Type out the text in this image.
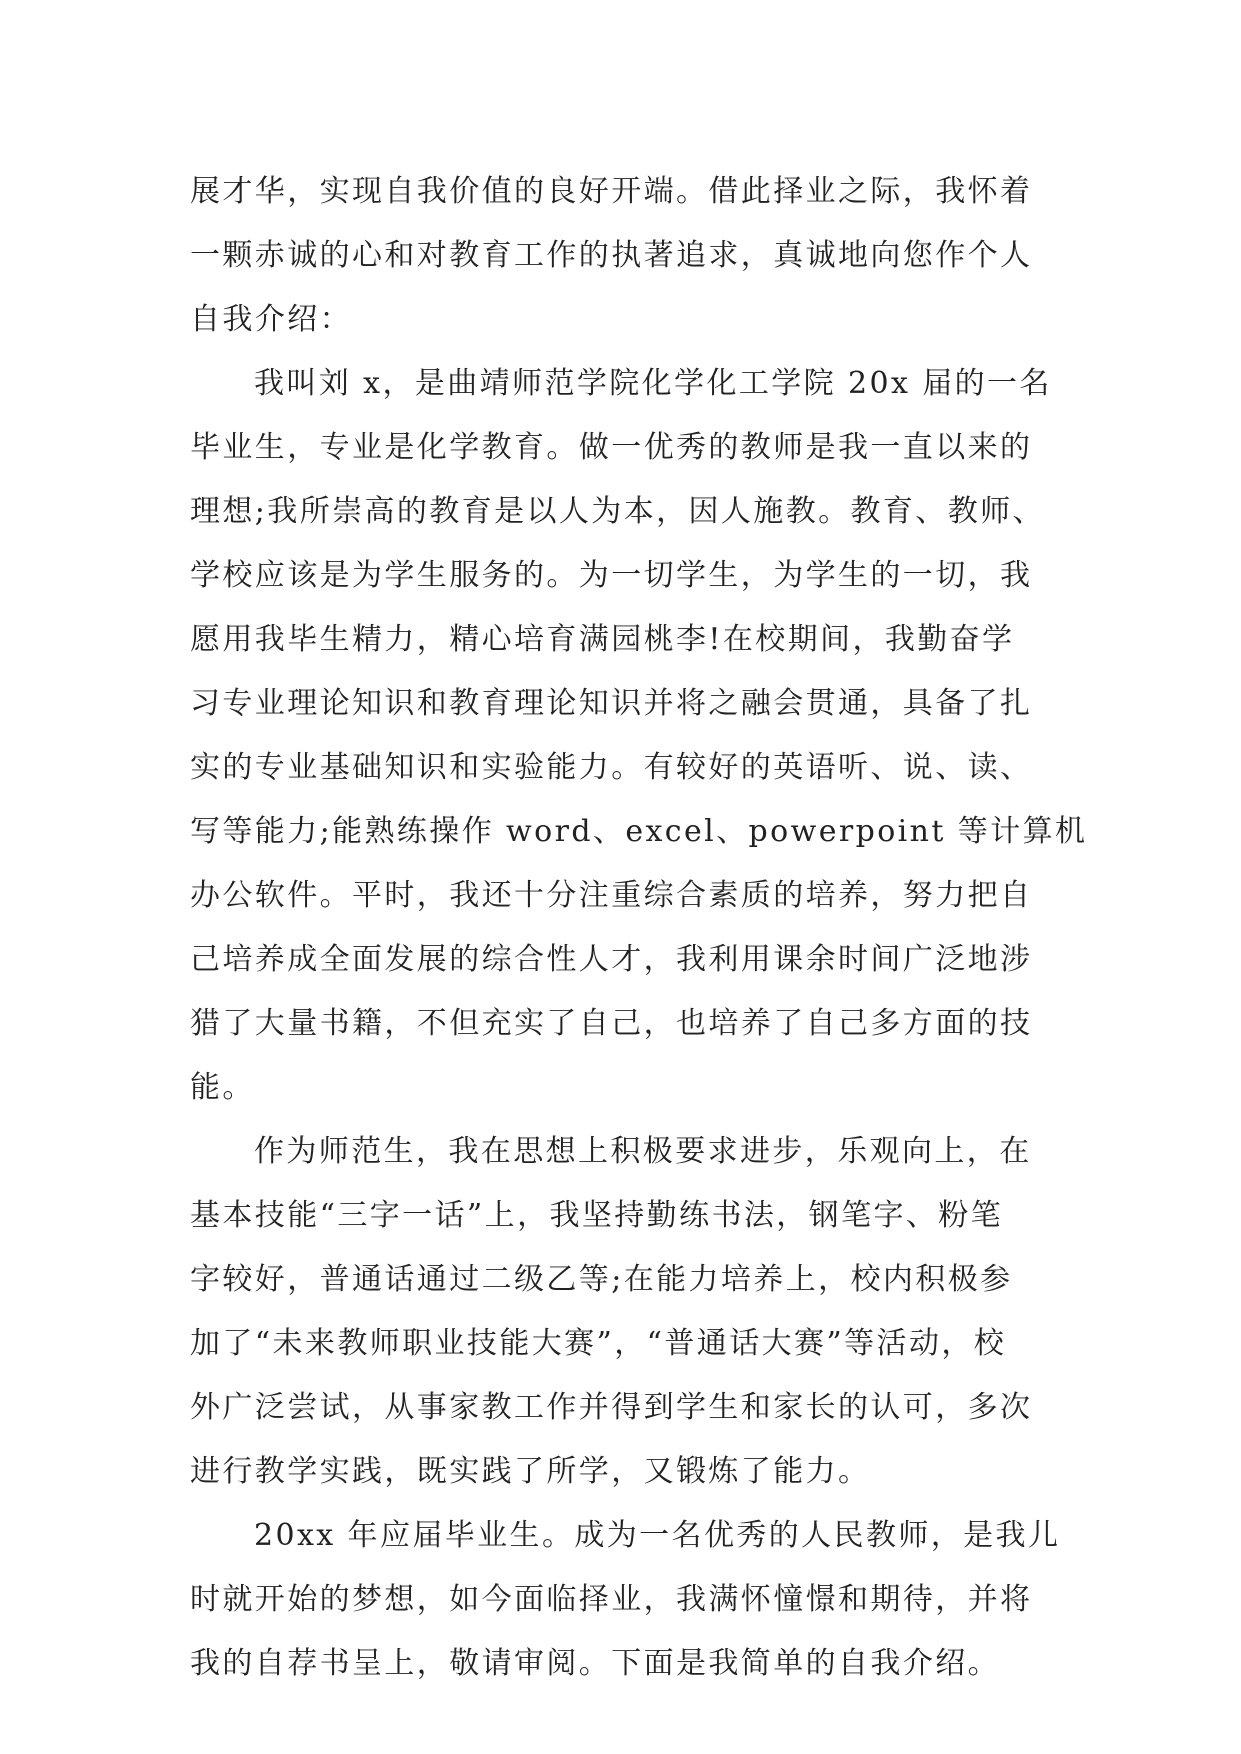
展才华，实现自我价值的良好开端。借此择业之际，我怀着
一颗赤诚的心和对教育工作的执著追求，真诚地向您作个人
自我介绍：
我叫刘 x，是曲靖师范学院化学化工学院 20x 届的一名
毕业生，专业是化学教育。做一优秀的教师是我一直以来的
理想;我所崇高的教育是以人为本，因人施教。教育、教师、
学校应该是为学生服务的。为一切学生，为学生的一切，我
愿用我毕生精力，精心培育满园桃李!在校期间，我勤奋学
习专业理论知识和教育理论知识并将之融会贯通，具备了扎
实的专业基础知识和实验能力。有较好的英语听、说、读、
写等能力;能熟练操作 word、excel、powerpoint 等计算机
办公软件。平时，我还十分注重综合素质的培养，努力把自
己培养成全面发展的综合性人才，我利用课余时间广泛地涉
猎了大量书籍，不但充实了自己，也培养了自己多方面的技
能。
作为师范生，我在思想上积极要求进步，乐观向上，在
基本技能“三字一话”上，我坚持勤练书法，钢笔字、粉笔
字较好，普通话通过二级乙等;在能力培养上，校内积极参
加了“未来教师职业技能大赛”，“普通话大赛”等活动，校
外广泛尝试，从事家教工作并得到学生和家长的认可，多次
进行教学实践，既实践了所学，又锻炼了能力。
20xx 年应届毕业生。成为一名优秀的人民教师，是我儿
时就开始的梦想，如今面临择业，我满怀憧憬和期待，并将
我的自荐书呈上，敬请审阅。下面是我简单的自我介绍。
